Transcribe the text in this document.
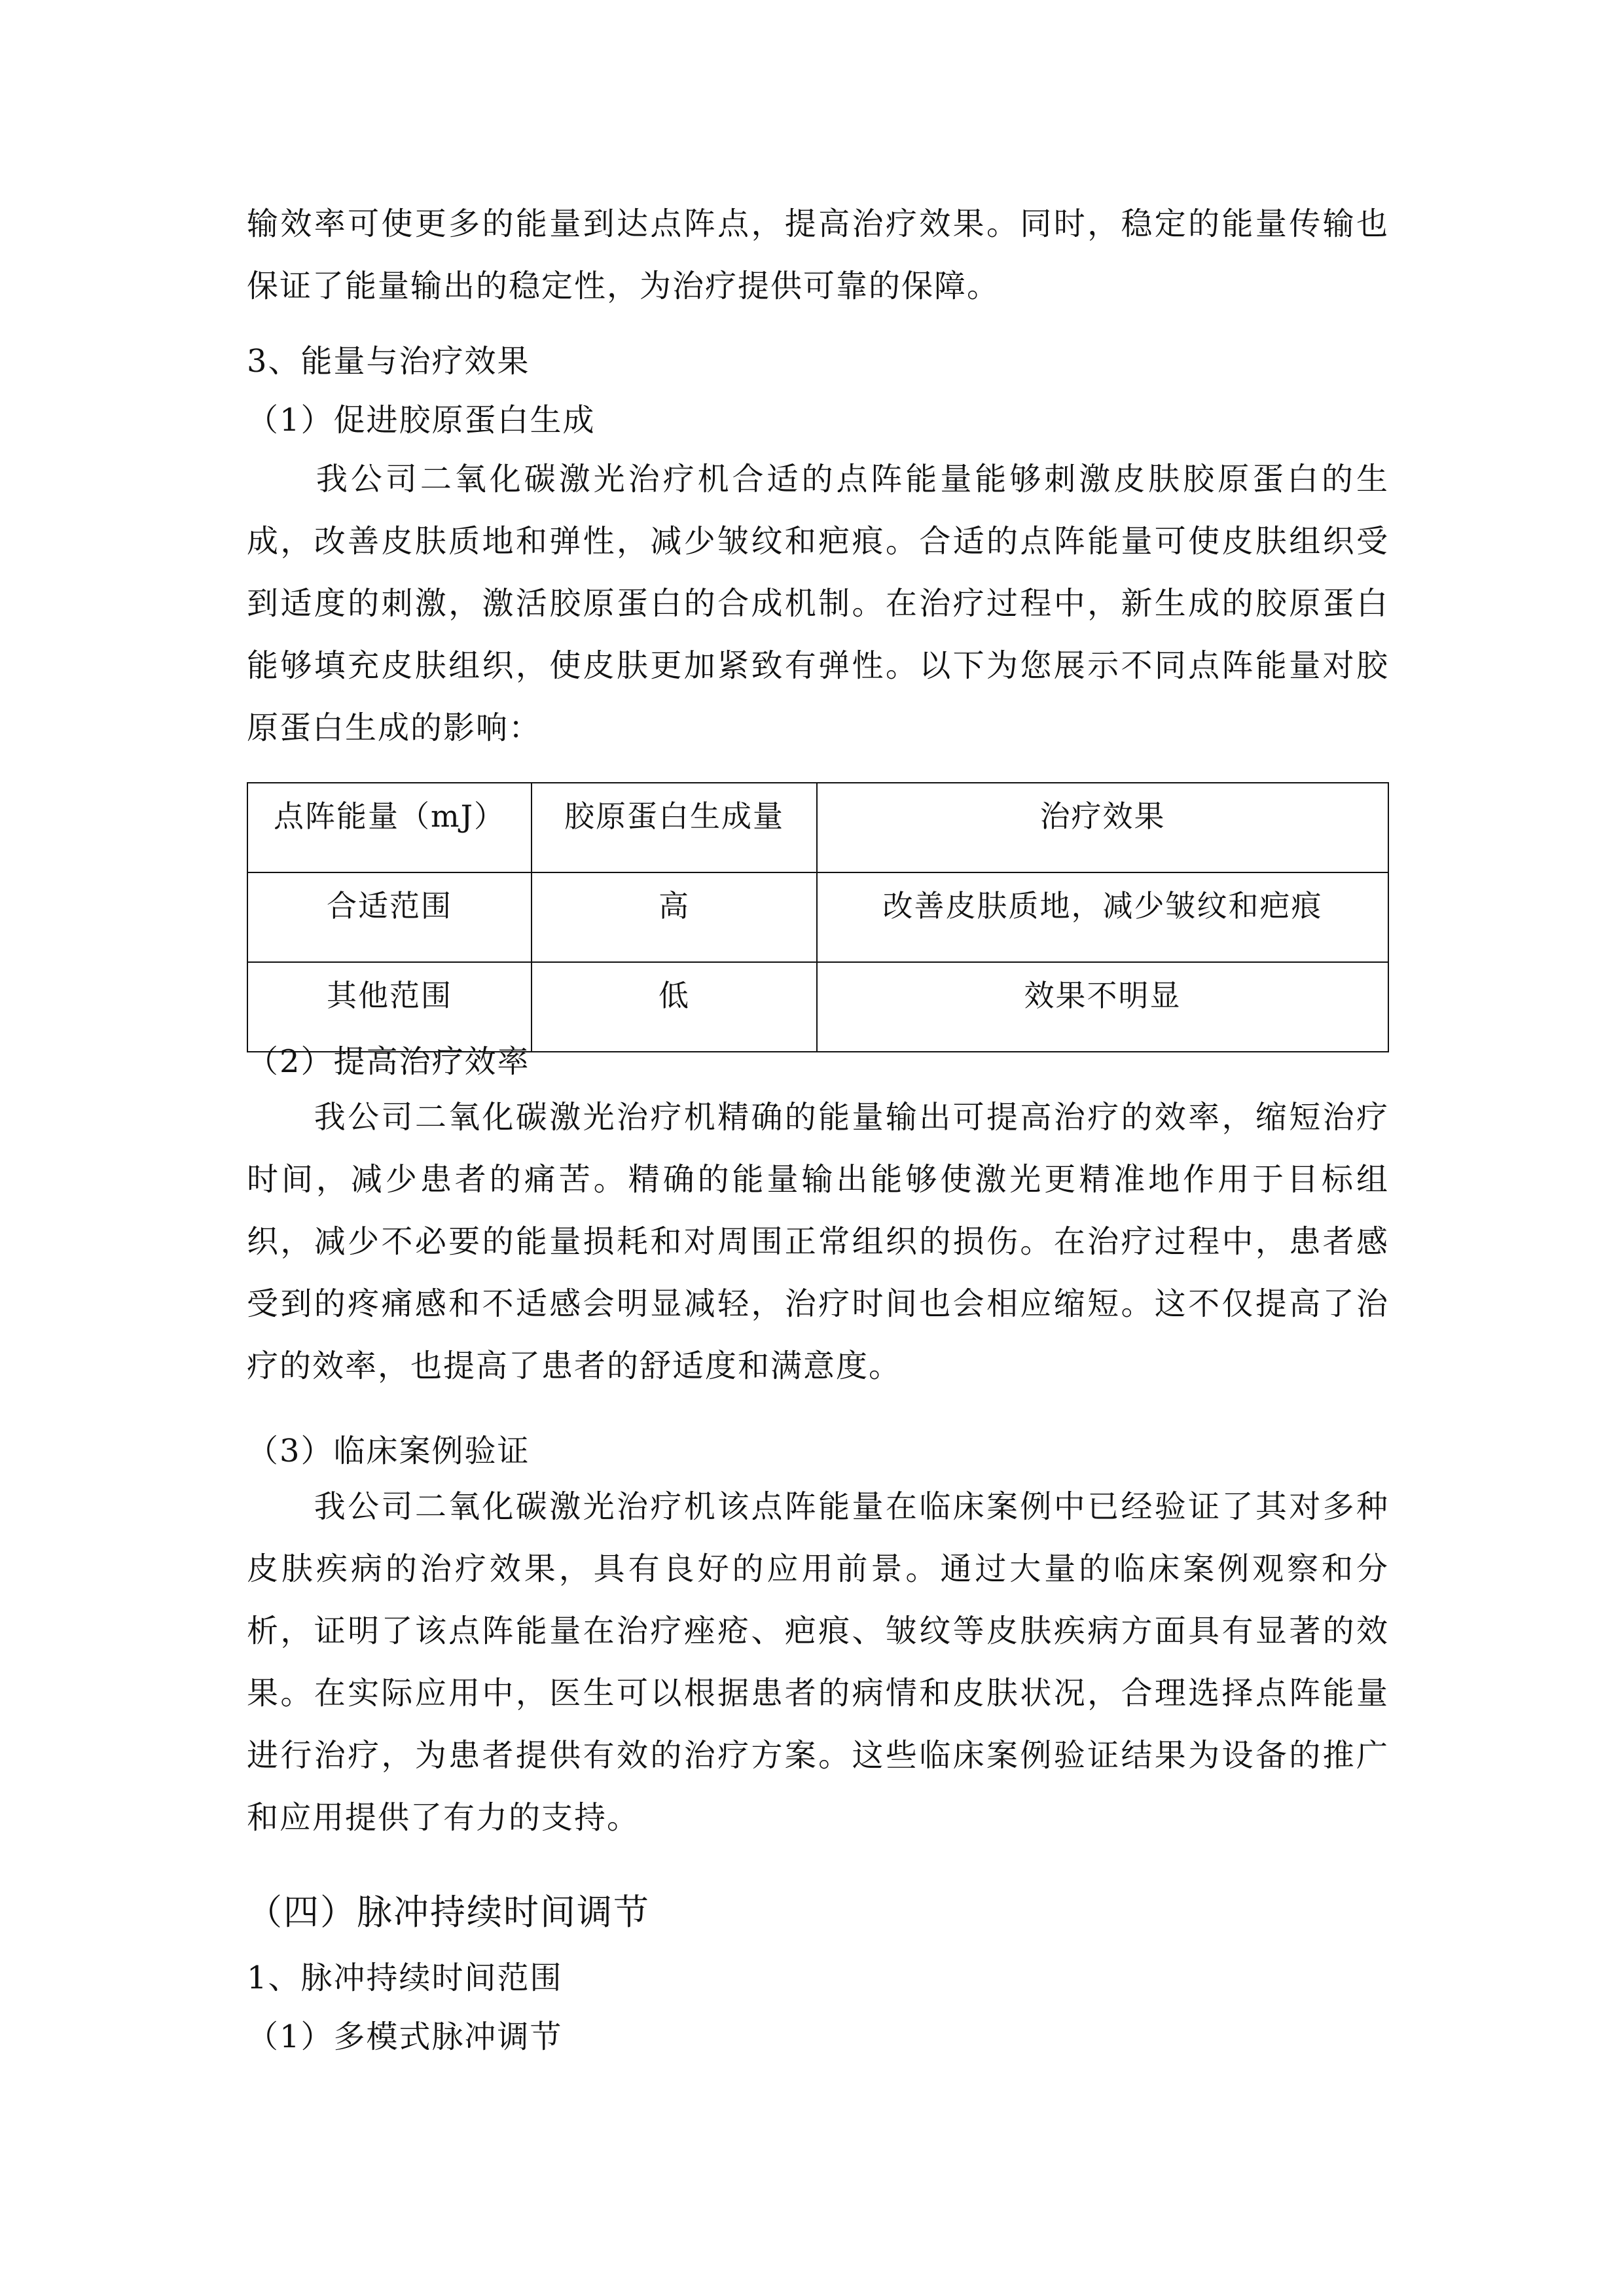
输效率可使更多的能量到达点阵点，提高治疗效果。同时，稳定的能量传输也
保证了能量输出的稳定性，为治疗提供可靠的保障。
3、能量与治疗效果
（1）促进胶原蛋白生成
　　我公司二氧化碳激光治疗机合适的点阵能量能够刺激皮肤胶原蛋白的生
成，改善皮肤质地和弹性，减少皱纹和疤痕。合适的点阵能量可使皮肤组织受
到适度的刺激，激活胶原蛋白的合成机制。在治疗过程中，新生成的胶原蛋白
能够填充皮肤组织，使皮肤更加紧致有弹性。以下为您展示不同点阵能量对胶
原蛋白生成的影响：
点阵能量（mJ）	胶原蛋白生成量	治疗效果
合适范围	高	改善皮肤质地，减少皱纹和疤痕
其他范围	低	效果不明显
（2）提高治疗效率
　　我公司二氧化碳激光治疗机精确的能量输出可提高治疗的效率，缩短治疗
时间，减少患者的痛苦。精确的能量输出能够使激光更精准地作用于目标组
织，减少不必要的能量损耗和对周围正常组织的损伤。在治疗过程中，患者感
受到的疼痛感和不适感会明显减轻，治疗时间也会相应缩短。这不仅提高了治
疗的效率，也提高了患者的舒适度和满意度。
（3）临床案例验证
　　我公司二氧化碳激光治疗机该点阵能量在临床案例中已经验证了其对多种
皮肤疾病的治疗效果，具有良好的应用前景。通过大量的临床案例观察和分
析，证明了该点阵能量在治疗痤疮、疤痕、皱纹等皮肤疾病方面具有显著的效
果。在实际应用中，医生可以根据患者的病情和皮肤状况，合理选择点阵能量
进行治疗，为患者提供有效的治疗方案。这些临床案例验证结果为设备的推广
和应用提供了有力的支持。
（四）脉冲持续时间调节
1、脉冲持续时间范围
（1）多模式脉冲调节
